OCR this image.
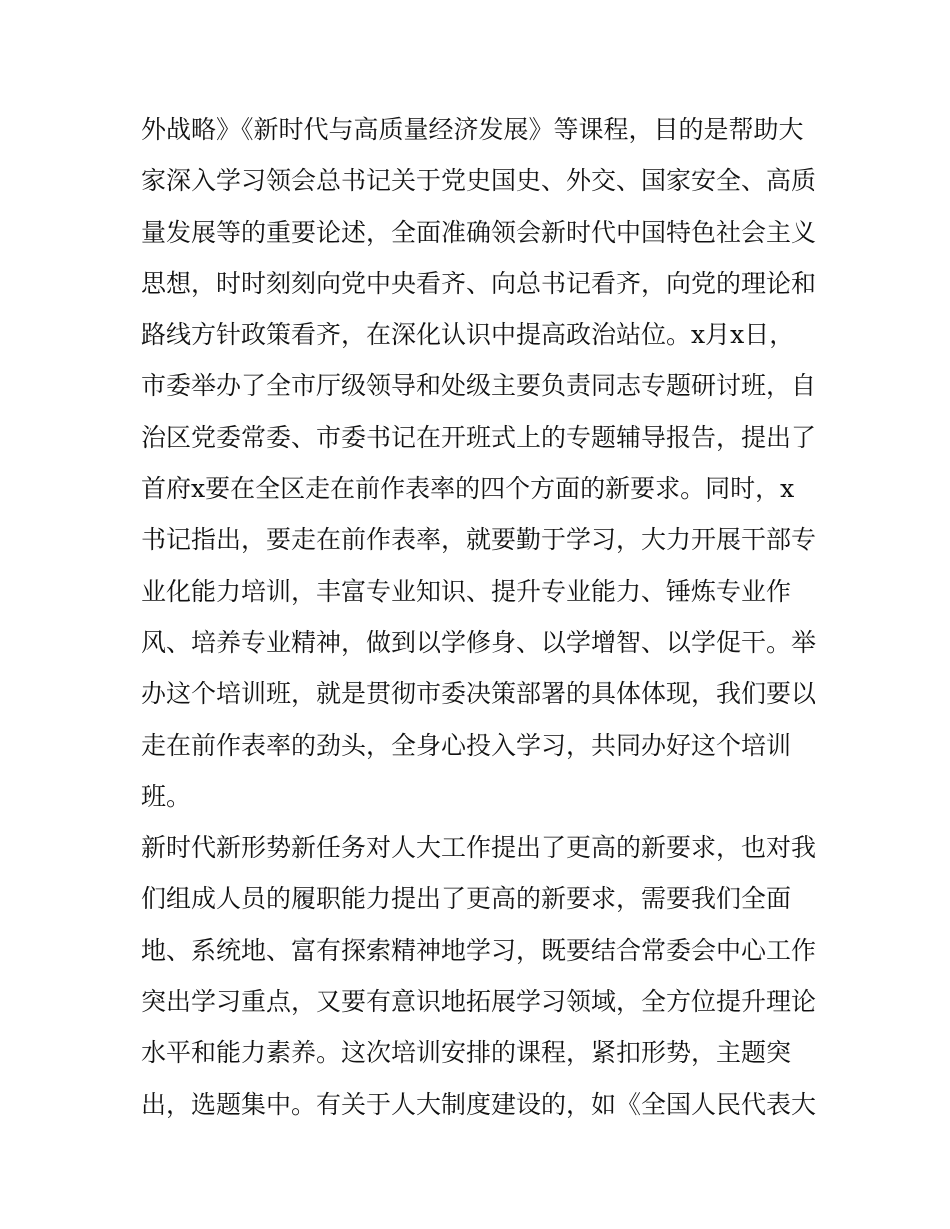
外战略》《新时代与高质量经济发展》等课程，目的是帮助大
家深入学习领会总书记关于党史国史、外交、国家安全、高质
量发展等的重要论述，全面准确领会新时代中国特色社会主义
思想，时时刻刻向党中央看齐、向总书记看齐，向党的理论和
路线方针政策看齐，在深化认识中提高政治站位。x月x日，
市委举办了全市厅级领导和处级主要负责同志专题研讨班，自
治区党委常委、市委书记在开班式上的专题辅导报告，提出了
首府x要在全区走在前作表率的四个方面的新要求。同时，x
书记指出，要走在前作表率，就要勤于学习，大力开展干部专
业化能力培训，丰富专业知识、提升专业能力、锤炼专业作
风、培养专业精神，做到以学修身、以学增智、以学促干。举
办这个培训班，就是贯彻市委决策部署的具体体现，我们要以
走在前作表率的劲头，全身心投入学习，共同办好这个培训
班。
新时代新形势新任务对人大工作提出了更高的新要求，也对我
们组成人员的履职能力提出了更高的新要求，需要我们全面
地、系统地、富有探索精神地学习，既要结合常委会中心工作
突出学习重点，又要有意识地拓展学习领域，全方位提升理论
水平和能力素养。这次培训安排的课程，紧扣形势，主题突
出，选题集中。有关于人大制度建设的，如《全国人民代表大
